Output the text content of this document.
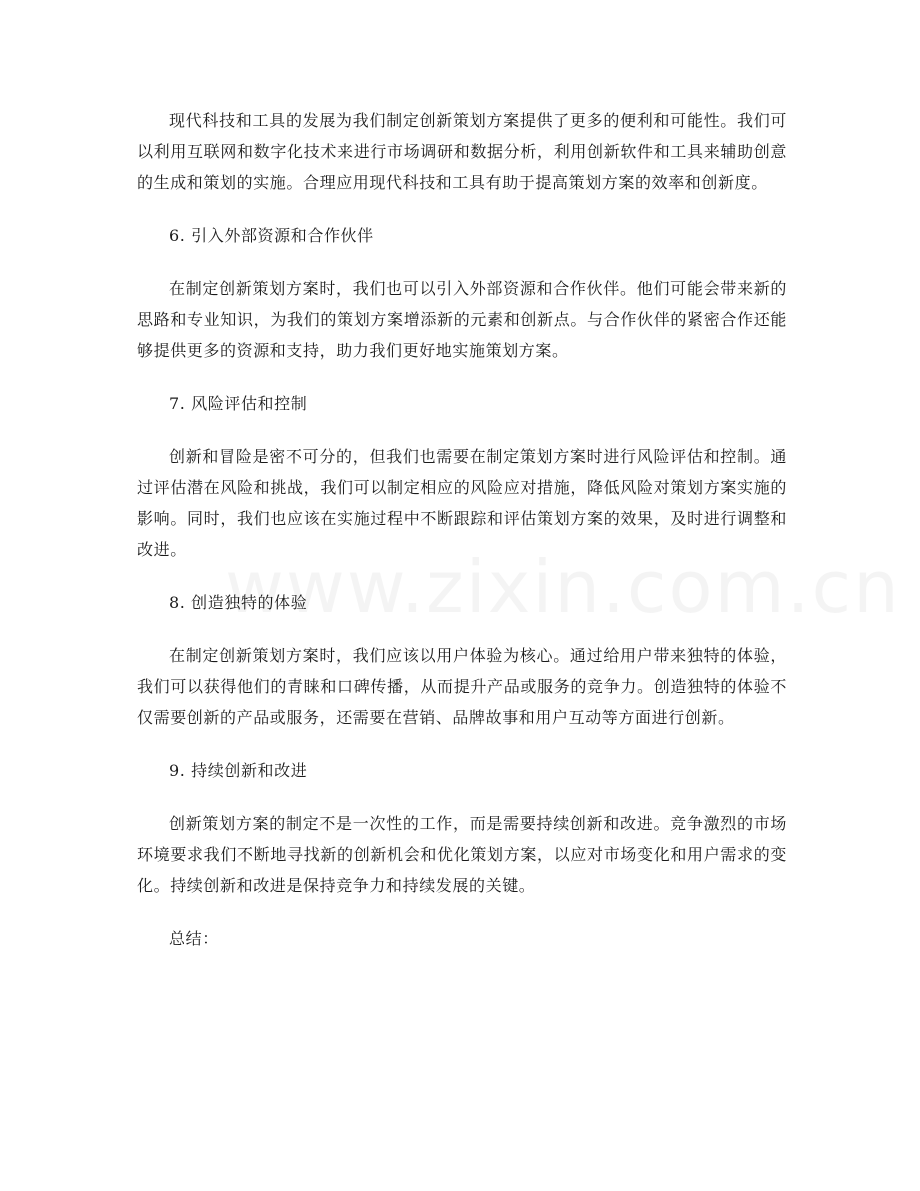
现代科技和工具的发展为我们制定创新策划方案提供了更多的便利和可能性。我们可以利用互联网和数字化技术来进行市场调研和数据分析，利用创新软件和工具来辅助创意的生成和策划的实施。合理应用现代科技和工具有助于提高策划方案的效率和创新度。

6. 引入外部资源和合作伙伴

在制定创新策划方案时，我们也可以引入外部资源和合作伙伴。他们可能会带来新的思路和专业知识，为我们的策划方案增添新的元素和创新点。与合作伙伴的紧密合作还能够提供更多的资源和支持，助力我们更好地实施策划方案。

7. 风险评估和控制

创新和冒险是密不可分的，但我们也需要在制定策划方案时进行风险评估和控制。通过评估潜在风险和挑战，我们可以制定相应的风险应对措施，降低风险对策划方案实施的影响。同时，我们也应该在实施过程中不断跟踪和评估策划方案的效果，及时进行调整和改进。

8. 创造独特的体验

在制定创新策划方案时，我们应该以用户体验为核心。通过给用户带来独特的体验，我们可以获得他们的青睐和口碑传播，从而提升产品或服务的竞争力。创造独特的体验不仅需要创新的产品或服务，还需要在营销、品牌故事和用户互动等方面进行创新。

9. 持续创新和改进

创新策划方案的制定不是一次性的工作，而是需要持续创新和改进。竞争激烈的市场环境要求我们不断地寻找新的创新机会和优化策划方案，以应对市场变化和用户需求的变化。持续创新和改进是保持竞争力和持续发展的关键。

总结：
